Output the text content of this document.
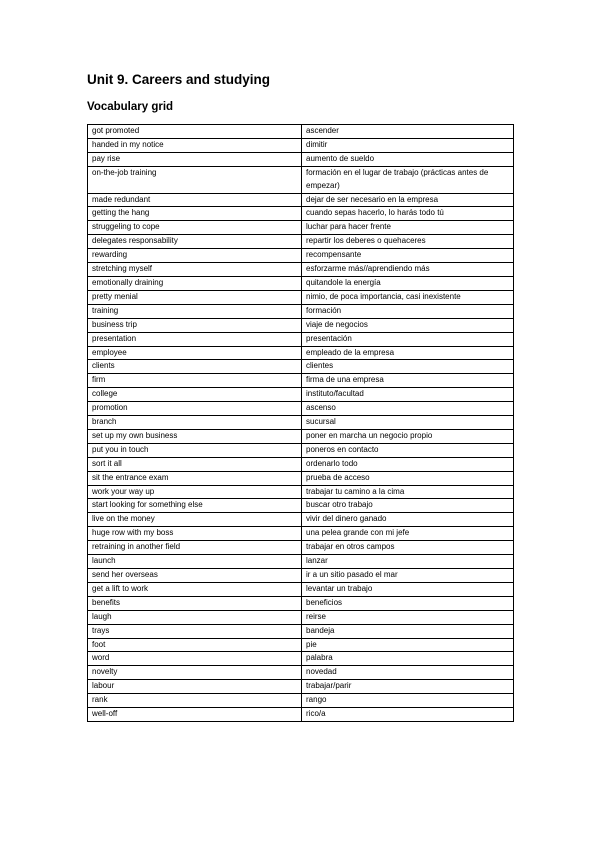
Unit 9. Careers and studying
Vocabulary grid
got promoted	ascender
handed in my notice	dimitir
pay rise	aumento de sueldo
on-the-job training	formación en el lugar de trabajo (prácticas antes de empezar)
made redundant	dejar de ser necesario en la empresa
getting the hang	cuando sepas hacerlo, lo harás todo tú
struggeling to cope	luchar para hacer frente
delegates responsability	repartir los deberes o quehaceres
rewarding	recompensante
stretching myself	esforzarme más//aprendiendo más
emotionally draining	quitandole la energía
pretty menial	nimio, de poca importancia, casi inexistente
training	formación
business trip	viaje de negocios
presentation	presentación
employee	empleado de la empresa
clients	clientes
firm	firma de una empresa
college	instituto/facultad
promotion	ascenso
branch	sucursal
set up my own business	poner en marcha un negocio propio
put you in touch	poneros en contacto
sort it all	ordenarlo todo
sit the entrance exam	prueba de acceso
work your way up	trabajar tu camino a la cima
start looking for something else	buscar otro trabajo
live on the money	vivir del dinero ganado
huge row with my boss	una pelea grande con mi jefe
retraining in another field	trabajar en otros campos
launch	lanzar
send her overseas	ir a un sitio pasado el mar
get a lift to work	levantar un trabajo
benefits	beneficios
laugh	reirse
trays	bandeja
foot	pie
word	palabra
novelty	novedad
labour	trabajar/parir
rank	rango
well-off	rico/a
